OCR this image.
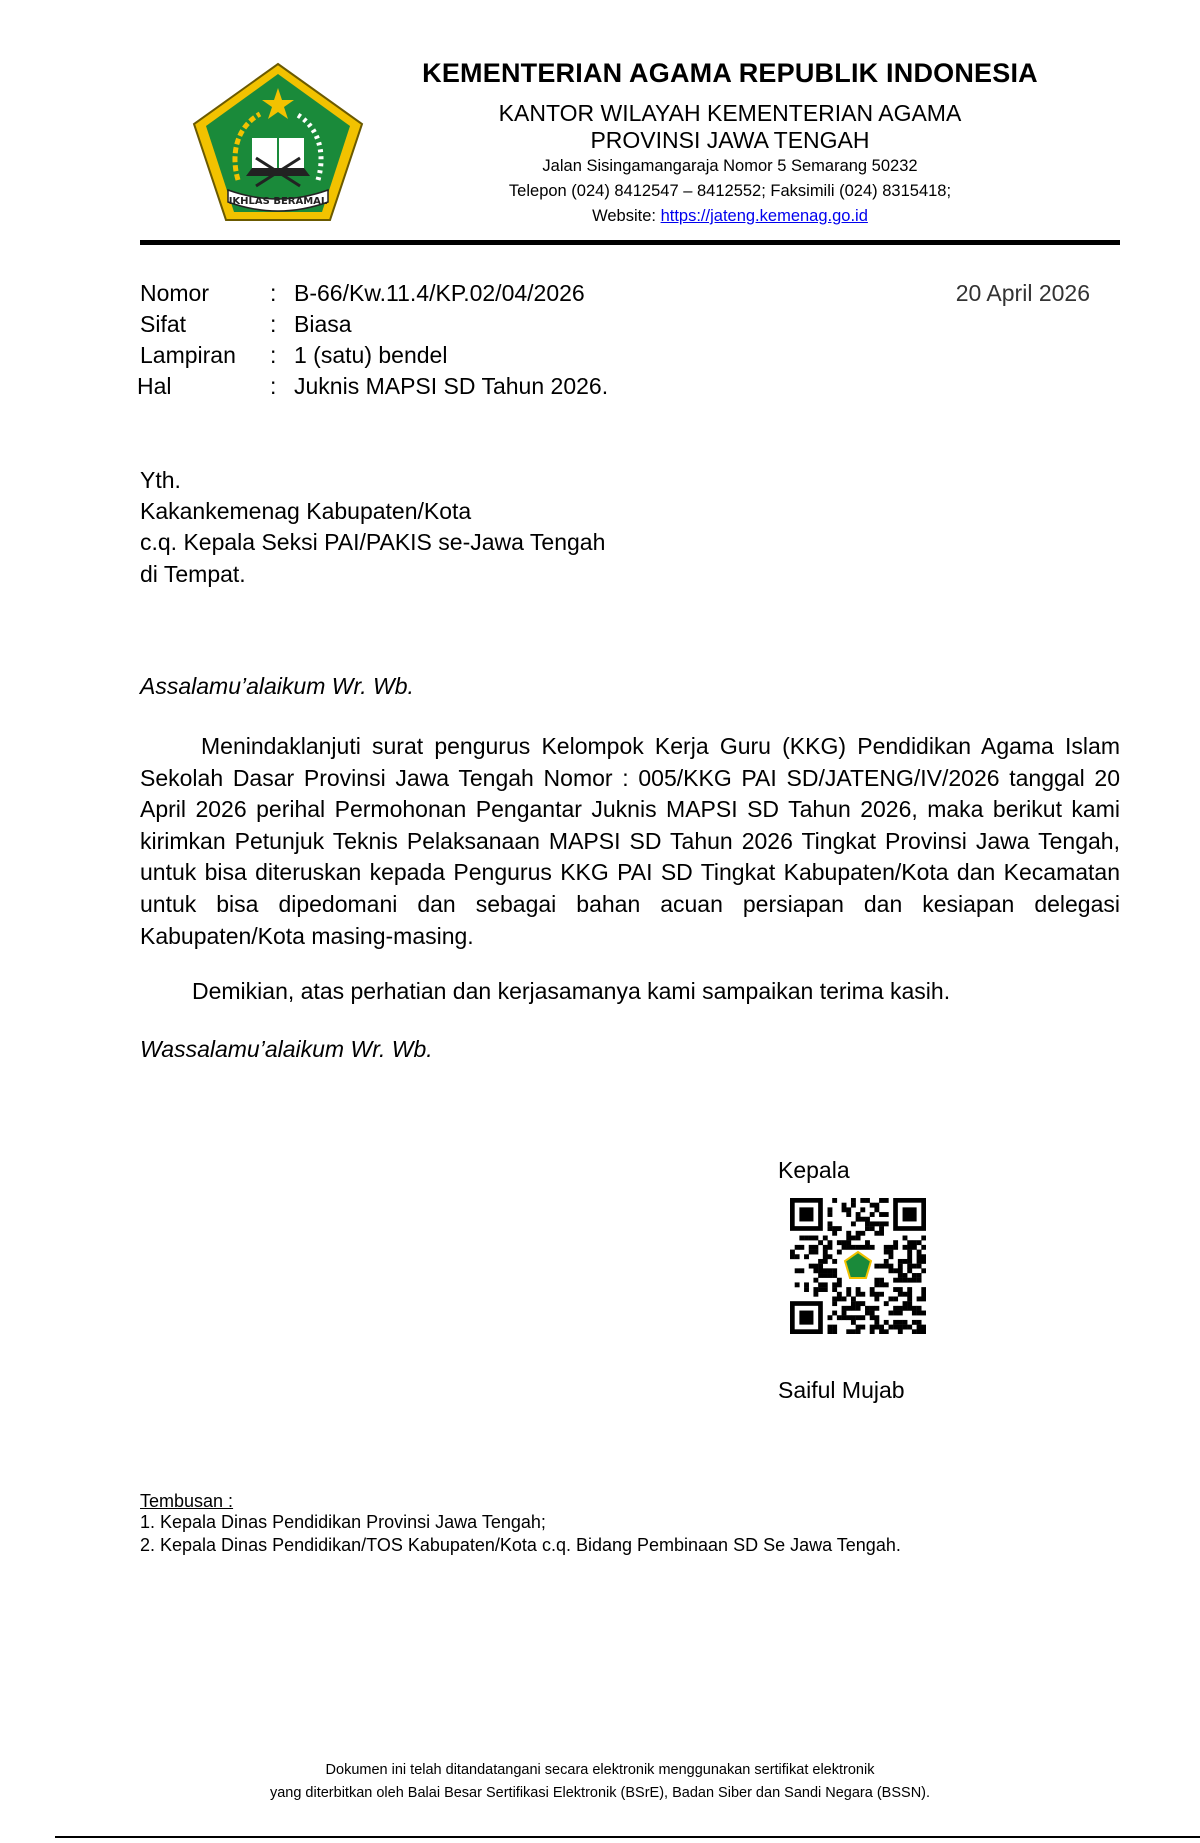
IKHLAS BERAMAL
KEMENTERIAN AGAMA REPUBLIK INDONESIA
KANTOR WILAYAH KEMENTERIAN AGAMA
PROVINSI JAWA TENGAH
Jalan Sisingamangaraja Nomor 5 Semarang 50232
Telepon (024) 8412547 – 8412552; Faksimili (024) 8315418;
Website: https://jateng.kemenag.go.id
Nomor	: B-66/Kw.11.4/KP.02/04/2026	20 April 2026
Sifat	: Biasa
Lampiran	: 1 (satu) bendel
Hal	: Juknis MAPSI SD Tahun 2026.
Yth.
Kakankemenag Kabupaten/Kota
c.q. Kepala Seksi PAI/PAKIS se-Jawa Tengah
di Tempat.
Assalamu’alaikum Wr. Wb.
Menindaklanjuti surat pengurus Kelompok Kerja Guru (KKG) Pendidikan Agama Islam Sekolah Dasar Provinsi Jawa Tengah Nomor : 005/KKG PAI SD/JATENG/IV/2026 tanggal 20 April 2026 perihal Permohonan Pengantar Juknis MAPSI SD Tahun 2026, maka berikut kami kirimkan Petunjuk Teknis Pelaksanaan MAPSI SD Tahun 2026 Tingkat Provinsi Jawa Tengah, untuk bisa diteruskan kepada Pengurus KKG PAI SD Tingkat Kabupaten/Kota dan Kecamatan untuk bisa dipedomani dan sebagai bahan acuan persiapan dan kesiapan delegasi Kabupaten/Kota masing-masing.
Demikian, atas perhatian dan kerjasamanya kami sampaikan terima kasih.
Wassalamu’alaikum Wr. Wb.
Kepala
Saiful Mujab
Tembusan :
1. Kepala Dinas Pendidikan Provinsi Jawa Tengah;
2. Kepala Dinas Pendidikan/TOS Kabupaten/Kota c.q. Bidang Pembinaan SD Se Jawa Tengah.
Dokumen ini telah ditandatangani secara elektronik menggunakan sertifikat elektronik
yang diterbitkan oleh Balai Besar Sertifikasi Elektronik (BSrE), Badan Siber dan Sandi Negara (BSSN).
